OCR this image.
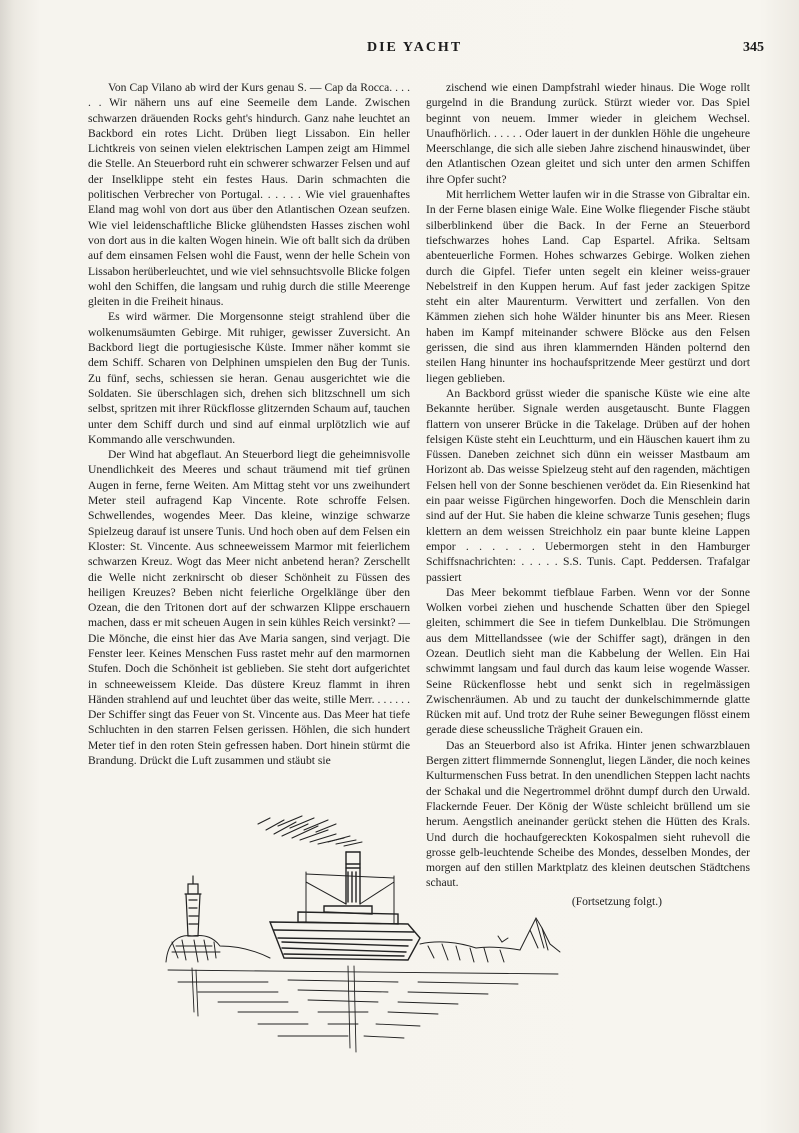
DIE YACHT	345

Von Cap Vilano ab wird der Kurs genau S. — Cap da Rocca. . . . . . Wir nähern uns auf eine Seemeile dem Lande. Zwischen schwarzen dräuenden Rocks geht's hindurch. Ganz nahe leuchtet an Backbord ein rotes Licht. Drüben liegt Lissabon. Ein heller Lichtkreis von seinen vielen elektrischen Lampen zeigt am Himmel die Stelle. An Steuerbord ruht ein schwerer schwarzer Felsen und auf der Inselklippe steht ein festes Haus. Darin schmachten die politischen Verbrecher von Portugal. . . . . . Wie viel grauenhaftes Eland mag wohl von dort aus über den Atlantischen Ozean seufzen. Wie viel leidenschaftliche Blicke glühendsten Hasses zischen wohl von dort aus in die kalten Wogen hinein. Wie oft ballt sich da drüben auf dem einsamen Felsen wohl die Faust, wenn der helle Schein von Lissabon herüberleuchtet, und wie viel sehnsuchtsvolle Blicke folgen wohl den Schiffen, die langsam und ruhig durch die stille Meerenge gleiten in die Freiheit hinaus.

Es wird wärmer. Die Morgensonne steigt strahlend über die wolkenumsäumten Gebirge. Mit ruhiger, gewisser Zuversicht. An Backbord liegt die portugiesische Küste. Immer näher kommt sie dem Schiff. Scharen von Delphinen umspielen den Bug der Tunis. Zu fünf, sechs, schiessen sie heran. Genau ausgerichtet wie die Soldaten. Sie überschlagen sich, drehen sich blitzschnell um sich selbst, spritzen mit ihrer Rückflosse glitzernden Schaum auf, tauchen unter dem Schiff durch und sind auf einmal urplötzlich wie auf Kommando alle verschwunden.

Der Wind hat abgeflaut. An Steuerbord liegt die geheimnisvolle Unendlichkeit des Meeres und schaut träumend mit tief grünen Augen in ferne, ferne Weiten. Am Mittag steht vor uns zweihundert Meter steil aufragend Kap Vincente. Rote schroffe Felsen. Schwellendes, wogendes Meer. Das kleine, winzige schwarze Spielzeug darauf ist unsere Tunis. Und hoch oben auf dem Felsen ein Kloster: St. Vincente. Aus schneeweissem Marmor mit feierlichem schwarzen Kreuz. Wogt das Meer nicht anbetend heran? Zerschellt die Welle nicht zerknirscht ob dieser Schönheit zu Füssen des heiligen Kreuzes? Beben nicht feierliche Orgelklänge über den Ozean, die den Tritonen dort auf der schwarzen Klippe erschauern machen, dass er mit scheuen Augen in sein kühles Reich versinkt? — Die Mönche, die einst hier das Ave Maria sangen, sind verjagt. Die Fenster leer. Keines Menschen Fuss rastet mehr auf den marmornen Stufen. Doch die Schönheit ist geblieben. Sie steht dort aufgerichtet in schneeweissem Kleide. Das düstere Kreuz flammt in ihren Händen strahlend auf und leuchtet über das weite, stille Merr. . . . . . . Der Schiffer singt das Feuer von St. Vincente aus. Das Meer hat tiefe Schluchten in den starren Felsen gerissen. Höhlen, die sich hundert Meter tief in den roten Stein gefressen haben. Dort hinein stürmt die Brandung. Drückt die Luft zusammen und stäubt sie

zischend wie einen Dampfstrahl wieder hinaus. Die Woge rollt gurgelnd in die Brandung zurück. Stürzt wieder vor. Das Spiel beginnt von neuem. Immer wieder in gleichem Wechsel. Unaufhörlich. . . . . . Oder lauert in der dunklen Höhle die ungeheure Meerschlange, die sich alle sieben Jahre zischend hinauswindet, über den Atlantischen Ozean gleitet und sich unter den armen Schiffen ihre Opfer sucht?

Mit herrlichem Wetter laufen wir in die Strasse von Gibraltar ein. In der Ferne blasen einige Wale. Eine Wolke fliegender Fische stäubt silberblinkend über die Back. In der Ferne an Steuerbord tiefschwarzes hohes Land. Cap Espartel. Afrika. Seltsam abenteuerliche Formen. Hohes schwarzes Gebirge. Wolken ziehen durch die Gipfel. Tiefer unten segelt ein kleiner weiss-grauer Nebelstreif in den Kuppen herum. Auf fast jeder zackigen Spitze steht ein alter Maurenturm. Verwittert und zerfallen. Von den Kämmen ziehen sich hohe Wälder hinunter bis ans Meer. Riesen haben im Kampf miteinander schwere Blöcke aus den Felsen gerissen, die sind aus ihren klammernden Händen polternd den steilen Hang hinunter ins hochaufspritzende Meer gestürzt und dort liegen geblieben.

An Backbord grüsst wieder die spanische Küste wie eine alte Bekannte herüber. Signale werden ausgetauscht. Bunte Flaggen flattern von unserer Brücke in die Takelage. Drüben auf der hohen felsigen Küste steht ein Leuchtturm, und ein Häuschen kauert ihm zu Füssen. Daneben zeichnet sich dünn ein weisser Mastbaum am Horizont ab. Das weisse Spielzeug steht auf den ragenden, mächtigen Felsen hell von der Sonne beschienen verödet da. Ein Riesenkind hat ein paar weisse Figürchen hingeworfen. Doch die Menschlein darin sind auf der Hut. Sie haben die kleine schwarze Tunis gesehen; flugs klettern an dem weissen Streichholz ein paar bunte kleine Lappen empor . . . . . . Uebermorgen steht in den Hamburger Schiffsnachrichten: . . . . . S.S. Tunis. Capt. Peddersen. Trafalgar passiert

Das Meer bekommt tiefblaue Farben. Wenn vor der Sonne Wolken vorbei ziehen und huschende Schatten über den Spiegel gleiten, schimmert die See in tiefem Dunkelblau. Die Strömungen aus dem Mittellandssee (wie der Schiffer sagt), drängen in den Ozean. Deutlich sieht man die Kabbelung der Wellen. Ein Hai schwimmt langsam und faul durch das kaum leise wogende Wasser. Seine Rückenflosse hebt und senkt sich in regelmässigen Zwischenräumen. Ab und zu taucht der dunkelschimmernde glatte Rücken mit auf. Und trotz der Ruhe seiner Bewegungen flösst einem gerade diese scheussliche Trägheit Grauen ein.

Das an Steuerbord also ist Afrika. Hinter jenen schwarzblauen Bergen zittert flimmernde Sonnenglut, liegen Länder, die noch keines Kulturmenschen Fuss betrat. In den unendlichen Steppen lacht nachts der Schakal und die Negertrommel dröhnt dumpf durch den Urwald. Flackernde Feuer. Der König der Wüste schleicht brüllend um sie herum. Aengstlich aneinander gerückt stehen die Hütten des Krals. Und durch die hochaufgereckten Kokospalmen sieht ruhevoll die grosse gelb-leuchtende Scheibe des Mondes, desselben Mondes, der morgen auf den stillen Marktplatz des kleinen deutschen Städtchens schaut.

(Fortsetzung folgt.)
